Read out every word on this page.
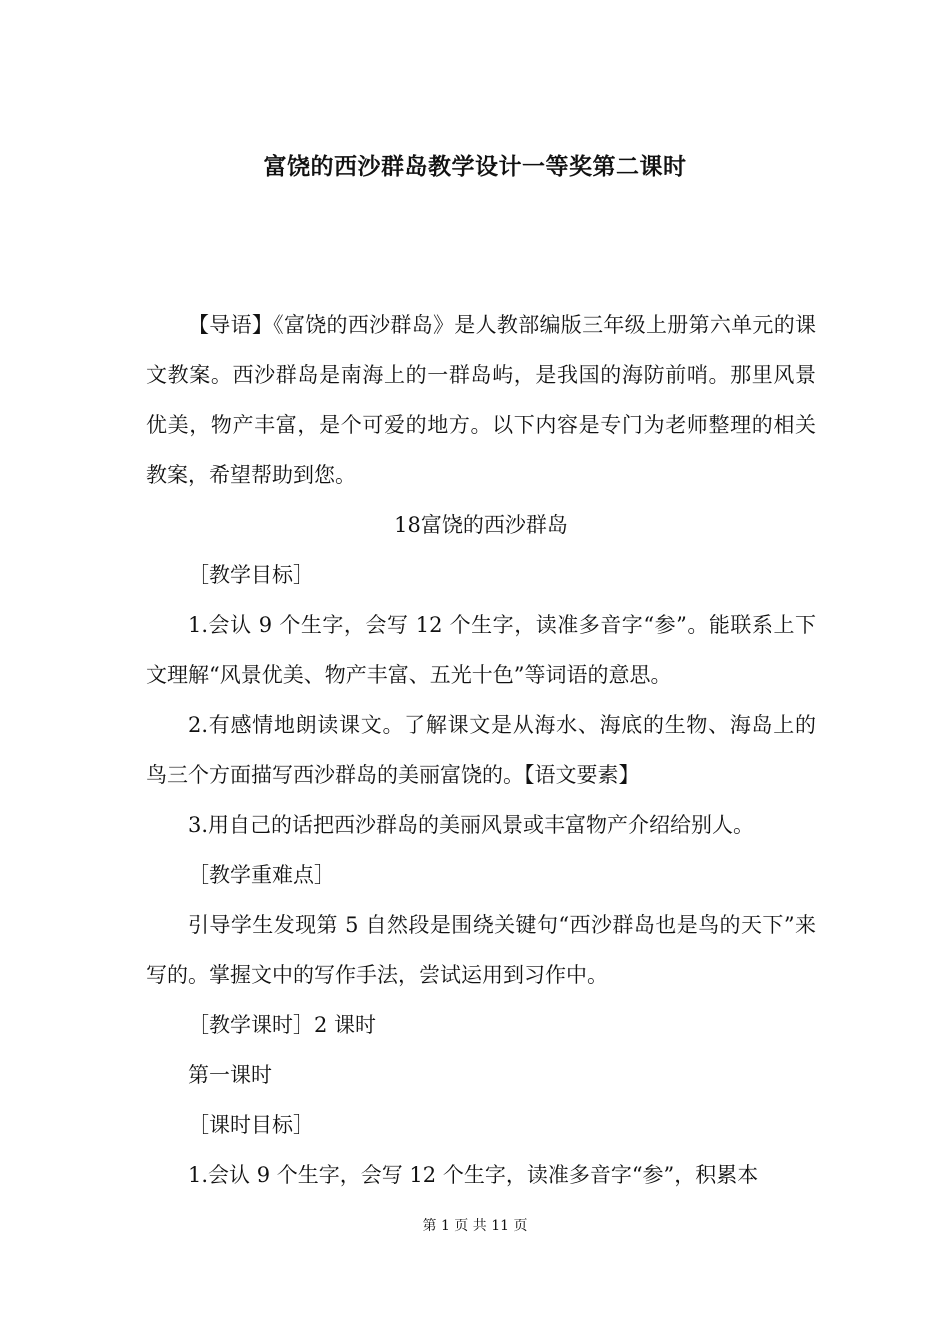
富饶的西沙群岛教学设计一等奖第二课时

【导语】《富饶的西沙群岛》是人教部编版三年级上册第六单元的课文教案。西沙群岛是南海上的一群岛屿，是我国的海防前哨。那里风景优美，物产丰富，是个可爱的地方。以下内容是专门为老师整理的相关教案，希望帮助到您。

18富饶的西沙群岛

［教学目标］

1.会认 9 个生字，会写 12 个生字，读准多音字“参”。能联系上下文理解“风景优美、物产丰富、五光十色”等词语的意思。

2.有感情地朗读课文。了解课文是从海水、海底的生物、海岛上的鸟三个方面描写西沙群岛的美丽富饶的。【语文要素】

3.用自己的话把西沙群岛的美丽风景或丰富物产介绍给别人。

［教学重难点］

引导学生发现第 5 自然段是围绕关键句“西沙群岛也是鸟的天下”来写的。掌握文中的写作手法，尝试运用到习作中。

［教学课时］2 课时

第一课时

［课时目标］

1.会认 9 个生字，会写 12 个生字，读准多音字“参”，积累本

第 1 页 共 11 页
